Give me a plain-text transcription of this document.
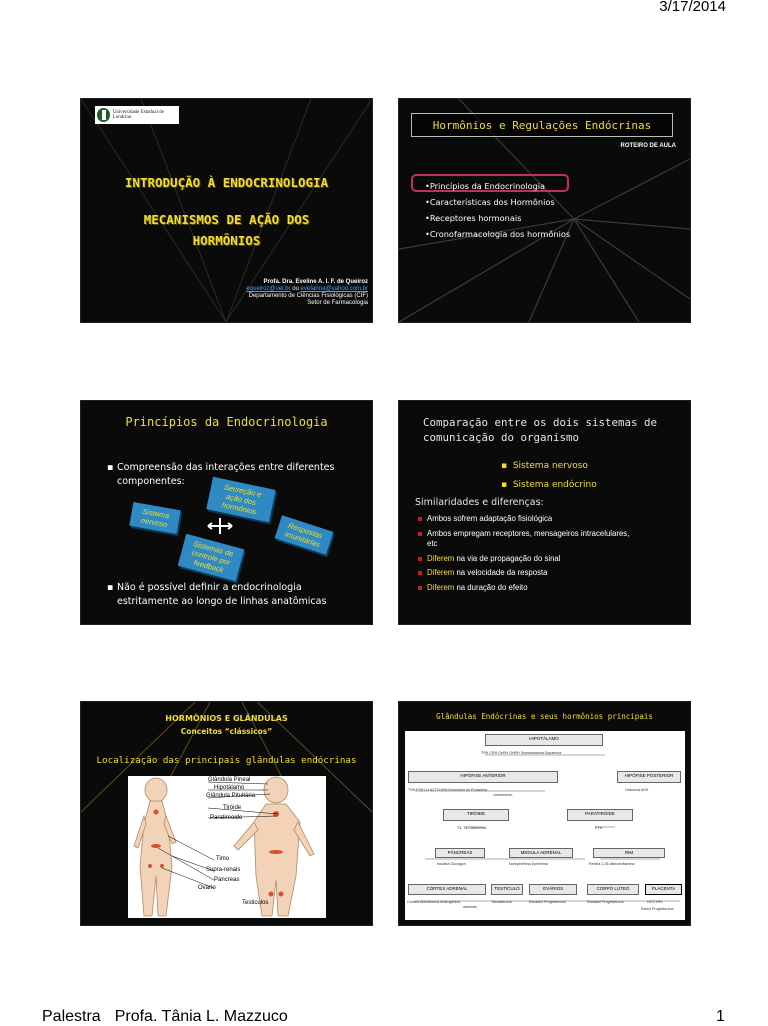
3/17/2014
Universidade Estadual de Londrina
INTRODUÇÃO À ENDOCRINOLOGIA
MECANISMOS DE AÇÃO DOS
HORMÔNIOS
Profa. Dra. Eveline A. I. F. de Queiroz
equeiroz@uel.br ou evefarma@yahoo.com.br
Departamento de Ciências Fisiológicas (CIF)
Setor de Farmacologia
Hormônios e Regulações Endócrinas
ROTEIRO DE AULA
•Princípios da Endocrinologia
•Características dos Hormônios
•Receptores hormonais
•Cronofarmacologia dos hormônios
Princípios da Endocrinologia
▪ Compreensão das interações entre diferentes componentes:
Secreção e ação dos hormônios
Sistema nervoso	Respostas imunitárias
Sistemas de controle por feedback
▪ Não é possível definir a endocrinologia estritamente ao longo de linhas anatômicas
Comparação entre os dois sistemas de
comunicação do organismo
▪  Sistema nervoso
▪  Sistema endócrino
Similaridades e diferenças:
Ambos sofrem adaptação fisiológica
Ambos empregam receptores, mensageiros intracelulares, etc
Diferem na via de propagação do sinal
Diferem na velocidade da resposta
Diferem na duração do efeito
HORMÔNIOS E GLÂNDULAS
Conceitos “clássicos”
Localização das principais glândulas endócrinas
Glândula Pineal
Hipotálamo
Glândula Pituitária
Tiróide
Paratireoide
Timo
Supra-renais
Pancreas
Ovario
Testiculos
Glândulas Endócrinas e seus hormônios principais
HIPOTÁLAMO
TRH CRH GnRH GHRH Somatostatina Dopamina
HIPÓFISE ANTERIOR
TSH FSH LH ACTH MSH Hormônio do Prolactina
crescimento
HIPÓFISE POSTERIOR
Ocitocina ADH
TIRÓIDE
T3, T4 Calcitonina
PARATIRÓIDE
PTH
PÂNCREAS
Insulina Glucagon
MEDULA ADRENAL
Norepinefrina Epinefrina
RIM
Renina 1,25-diidroxivitamina
CÓRTEX ADRENAL
Cortisol Aldosterona Androgênios
adrenais
TESTÍCULO
Testosterona
OVÁRIOS
Estradiol Progesterona
CORPO LÚTEO
Estradiol Progesterona
PLACENTA
HCG HPL
Estriol Progesterona
Palestra Profa. Tânia L. Mazzuco	1
